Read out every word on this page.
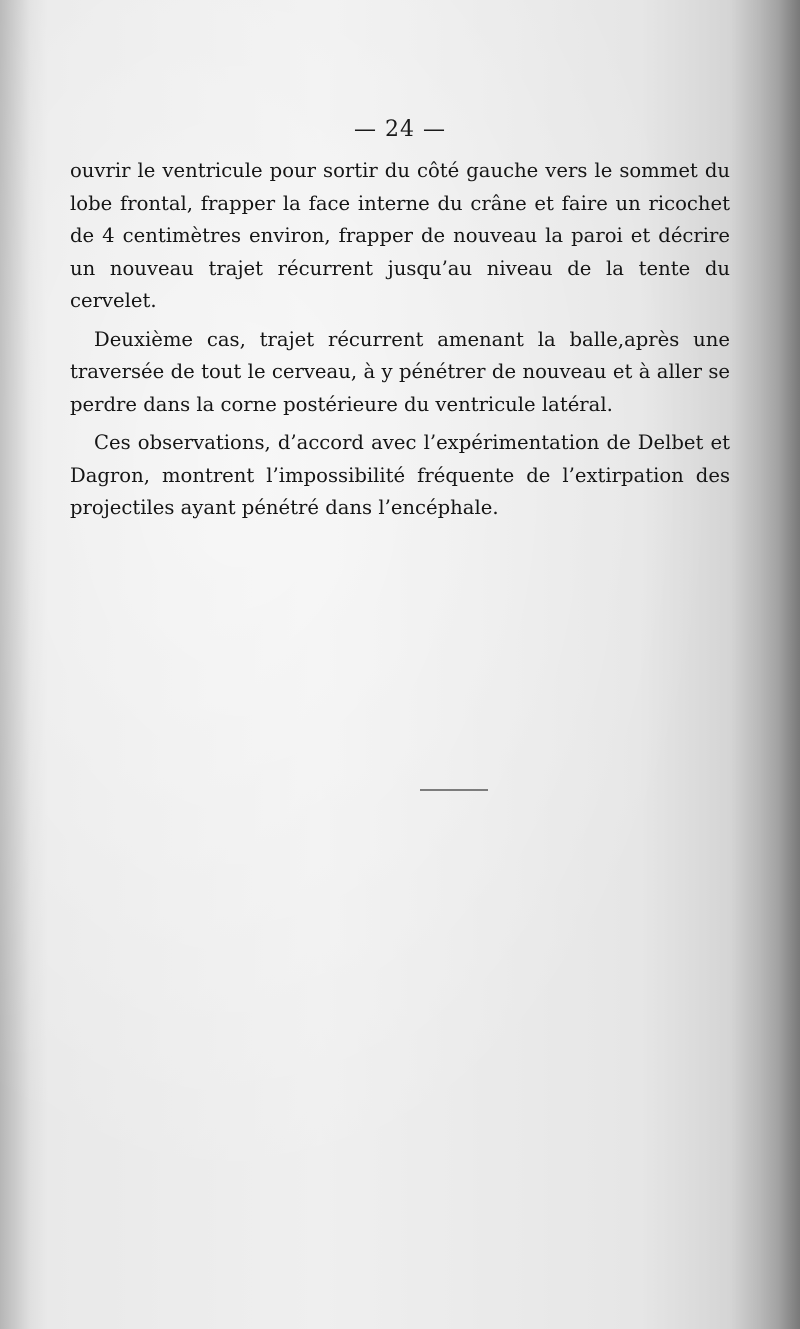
— 24 —

ouvrir le ventricule pour sortir du côté gauche vers le sommet du lobe frontal, frapper la face interne du crâne et faire un ricochet de 4 centimètres environ, frapper de nouveau la paroi et décrire un nouveau trajet récurrent jusqu’au niveau de la tente du cervelet.

Deuxième cas, trajet récurrent amenant la balle,après une traversée de tout le cerveau, à y pénétrer de nouveau et à aller se perdre dans la corne postérieure du ventricule latéral.

Ces observations, d’accord avec l’expérimentation de Delbet et Dagron, montrent l’impossibilité fréquente de l’extirpation des projectiles ayant pénétré dans l’encéphale.
